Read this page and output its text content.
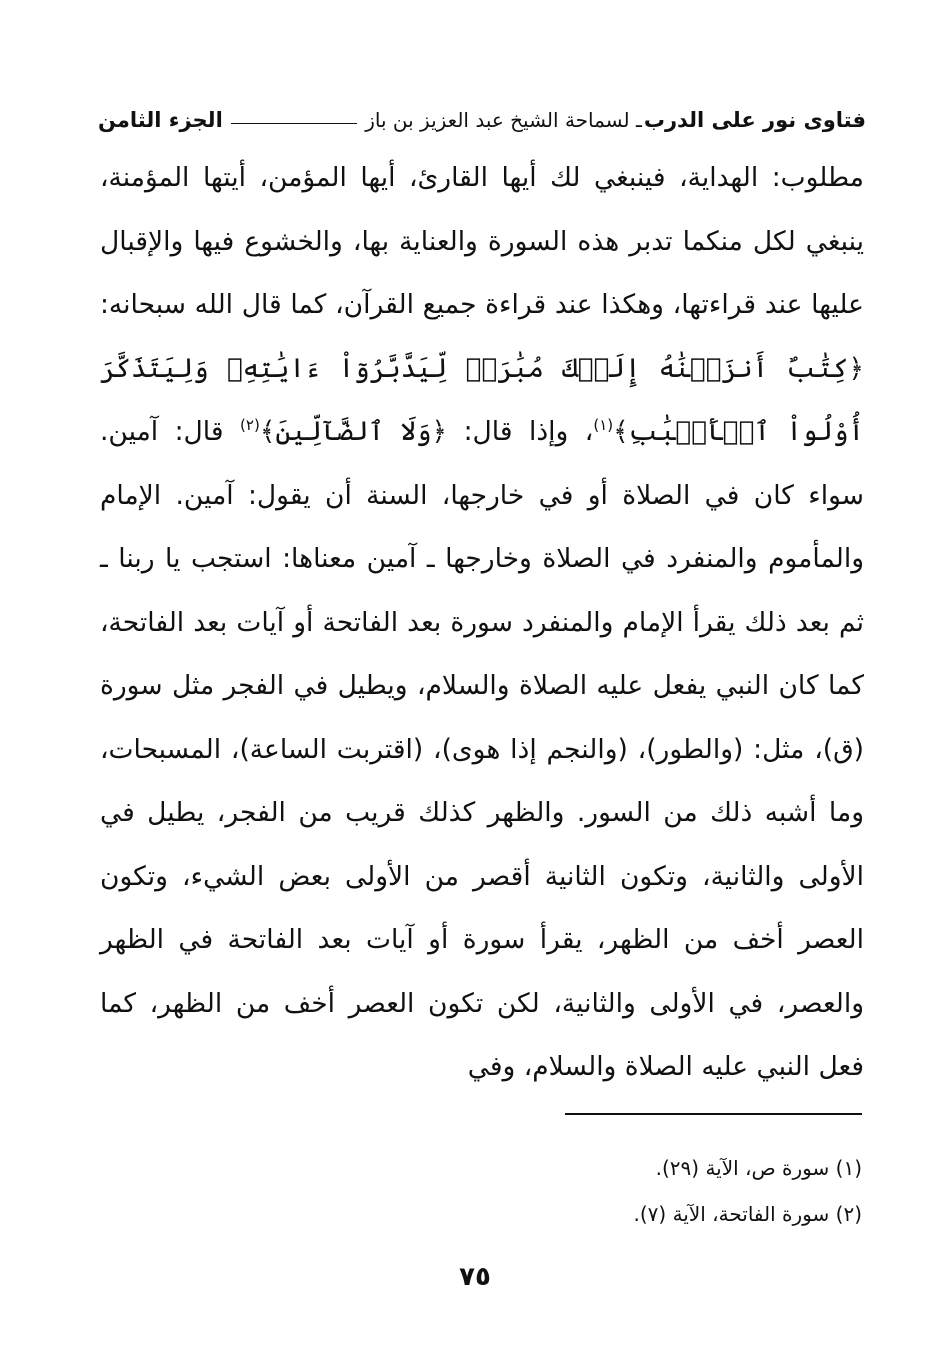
فتاوى نور على الدرب
ـ لسماحة الشيخ عبد العزيز بن باز
الجزء الثامن

مطلوب: الهداية، فينبغي لك أيها القارئ، أيها المؤمن، أيتها المؤمنة، ينبغي لكل منكما تدبر هذه السورة والعناية بها، والخشوع فيها والإقبال عليها عند قراءتها، وهكذا عند قراءة جميع القرآن، كما قال الله سبحانه: ﴿كِتَٰبٌ أَنزَلۡنَٰهُ إِلَيۡكَ مُبَٰرَكٞ لِّيَدَّبَّرُوٓاْ ءَايَٰتِهِۦ وَلِيَتَذَكَّرَ أُوْلُواْ ٱلۡأَلۡبَٰبِ﴾$^{(١)}$، وإذا قال: ﴿وَلَا ٱلضَّآلِّينَ﴾$^{(٢)}$ قال: آمين. سواء كان في الصلاة أو في خارجها، السنة أن يقول: آمين. الإمام والمأموم والمنفرد في الصلاة وخارجها ـ آمين معناها: استجب يا ربنا ـ ثم بعد ذلك يقرأ الإمام والمنفرد سورة بعد الفاتحة أو آيات بعد الفاتحة، كما كان النبي يفعل عليه الصلاة والسلام، ويطيل في الفجر مثل سورة (ق)، مثل: (والطور)، (والنجم إذا هوى)، (اقتربت الساعة)، المسبحات، وما أشبه ذلك من السور. والظهر كذلك قريب من الفجر، يطيل في الأولى والثانية، وتكون الثانية أقصر من الأولى بعض الشيء، وتكون العصر أخف من الظهر، يقرأ سورة أو آيات بعد الفاتحة في الظهر والعصر، في الأولى والثانية، لكن تكون العصر أخف من الظهر، كما فعل النبي عليه الصلاة والسلام، وفي

(١) سورة ص، الآية (٢٩).

(٢) سورة الفاتحة، الآية (٧).

٧٥
